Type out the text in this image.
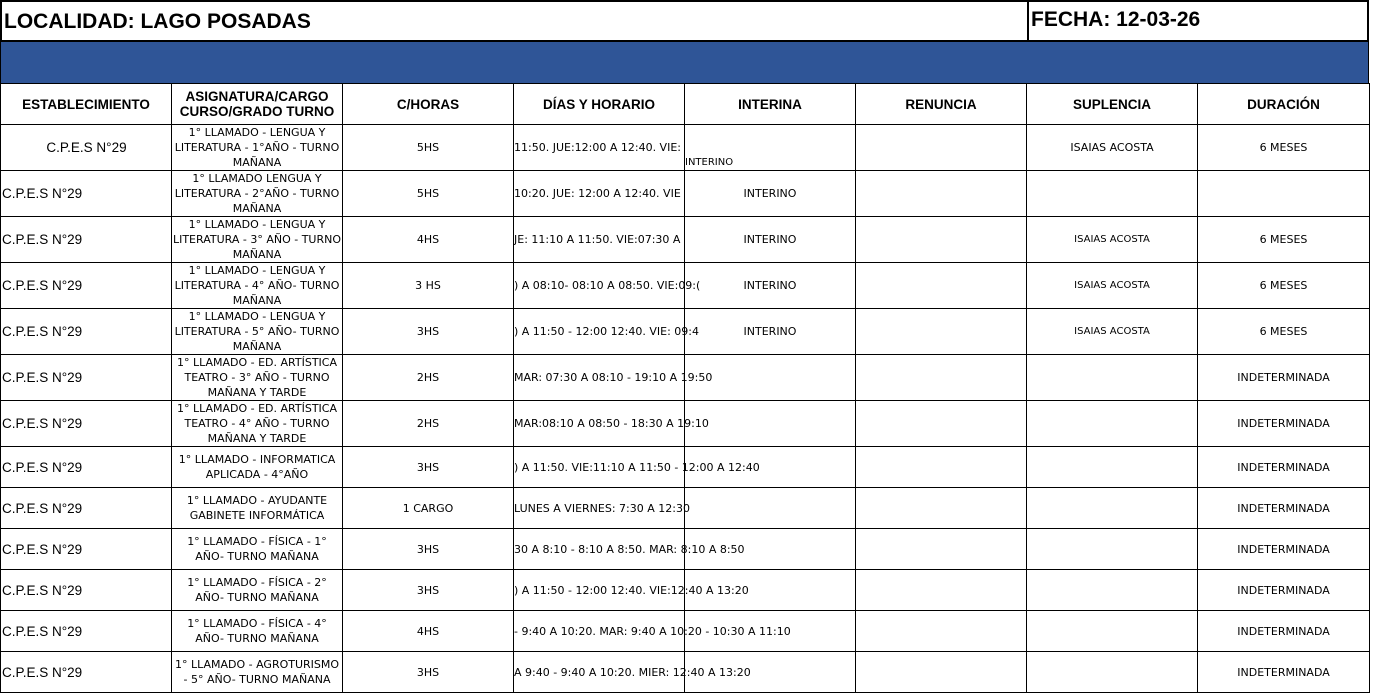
LOCALIDAD: LAGO POSADAS	FECHA: 12-03-26
ESTABLECIMIENTO	ASIGNATURA/CARGO CURSO/GRADO TURNO	C/HORAS	DÍAS Y HORARIO	INTERINA	RENUNCIA	SUPLENCIA	DURACIÓN
C.P.E.S N°29	1° LLAMADO - LENGUA Y LITERATURA - 1°AÑO - TURNO MAÑANA	5HS	11:50. JUE:12:00 A 12:40. VIE:	INTERINO		ISAIAS ACOSTA	6 MESES
C.P.E.S N°29	1° LLAMADO LENGUA Y LITERATURA - 2°AÑO - TURNO MAÑANA	5HS	10:20. JUE: 12:00 A 12:40. VIE	INTERINO			
C.P.E.S N°29	1° LLAMADO - LENGUA Y LITERATURA - 3° AÑO - TURNO MAÑANA	4HS	JE: 11:10 A 11:50. VIE:07:30 A	INTERINO		ISAIAS ACOSTA	6 MESES
C.P.E.S N°29	1° LLAMADO - LENGUA Y LITERATURA - 4° AÑO- TURNO MAÑANA	3 HS	) A 08:10- 08:10 A 08:50. VIE:09:(	INTERINO		ISAIAS ACOSTA	6 MESES
C.P.E.S N°29	1° LLAMADO - LENGUA Y LITERATURA - 5° AÑO- TURNO MAÑANA	3HS	) A 11:50 - 12:00 12:40. VIE: 09:4	INTERINO		ISAIAS ACOSTA	6 MESES
C.P.E.S N°29	1° LLAMADO - ED. ARTÍSTICA TEATRO - 3° AÑO - TURNO MAÑANA Y TARDE	2HS	MAR: 07:30 A 08:10 - 19:10 A 19:50				INDETERMINADA
C.P.E.S N°29	1° LLAMADO - ED. ARTÍSTICA TEATRO - 4° AÑO - TURNO MAÑANA Y TARDE	2HS	MAR:08:10 A 08:50 - 18:30 A 19:10				INDETERMINADA
C.P.E.S N°29	1° LLAMADO - INFORMATICA APLICADA - 4°AÑO	3HS	) A 11:50. VIE:11:10 A 11:50 - 12:00 A 12:40				INDETERMINADA
C.P.E.S N°29	1° LLAMADO - AYUDANTE GABINETE INFORMÁTICA	1 CARGO	LUNES A VIERNES: 7:30 A 12:30				INDETERMINADA
C.P.E.S N°29	1° LLAMADO - FÍSICA - 1° AÑO- TURNO MAÑANA	3HS	30 A 8:10 - 8:10 A 8:50. MAR: 8:10 A 8:50				INDETERMINADA
C.P.E.S N°29	1° LLAMADO - FÍSICA - 2° AÑO- TURNO MAÑANA	3HS	) A 11:50 - 12:00 12:40. VIE:12:40 A 13:20				INDETERMINADA
C.P.E.S N°29	1° LLAMADO - FÍSICA - 4° AÑO- TURNO MAÑANA	4HS	- 9:40 A 10:20. MAR: 9:40 A 10:20 - 10:30 A 11:10				INDETERMINADA
C.P.E.S N°29	1° LLAMADO - AGROTURISMO - 5° AÑO- TURNO MAÑANA	3HS	A 9:40 - 9:40 A 10:20. MIER: 12:40 A 13:20				INDETERMINADA
